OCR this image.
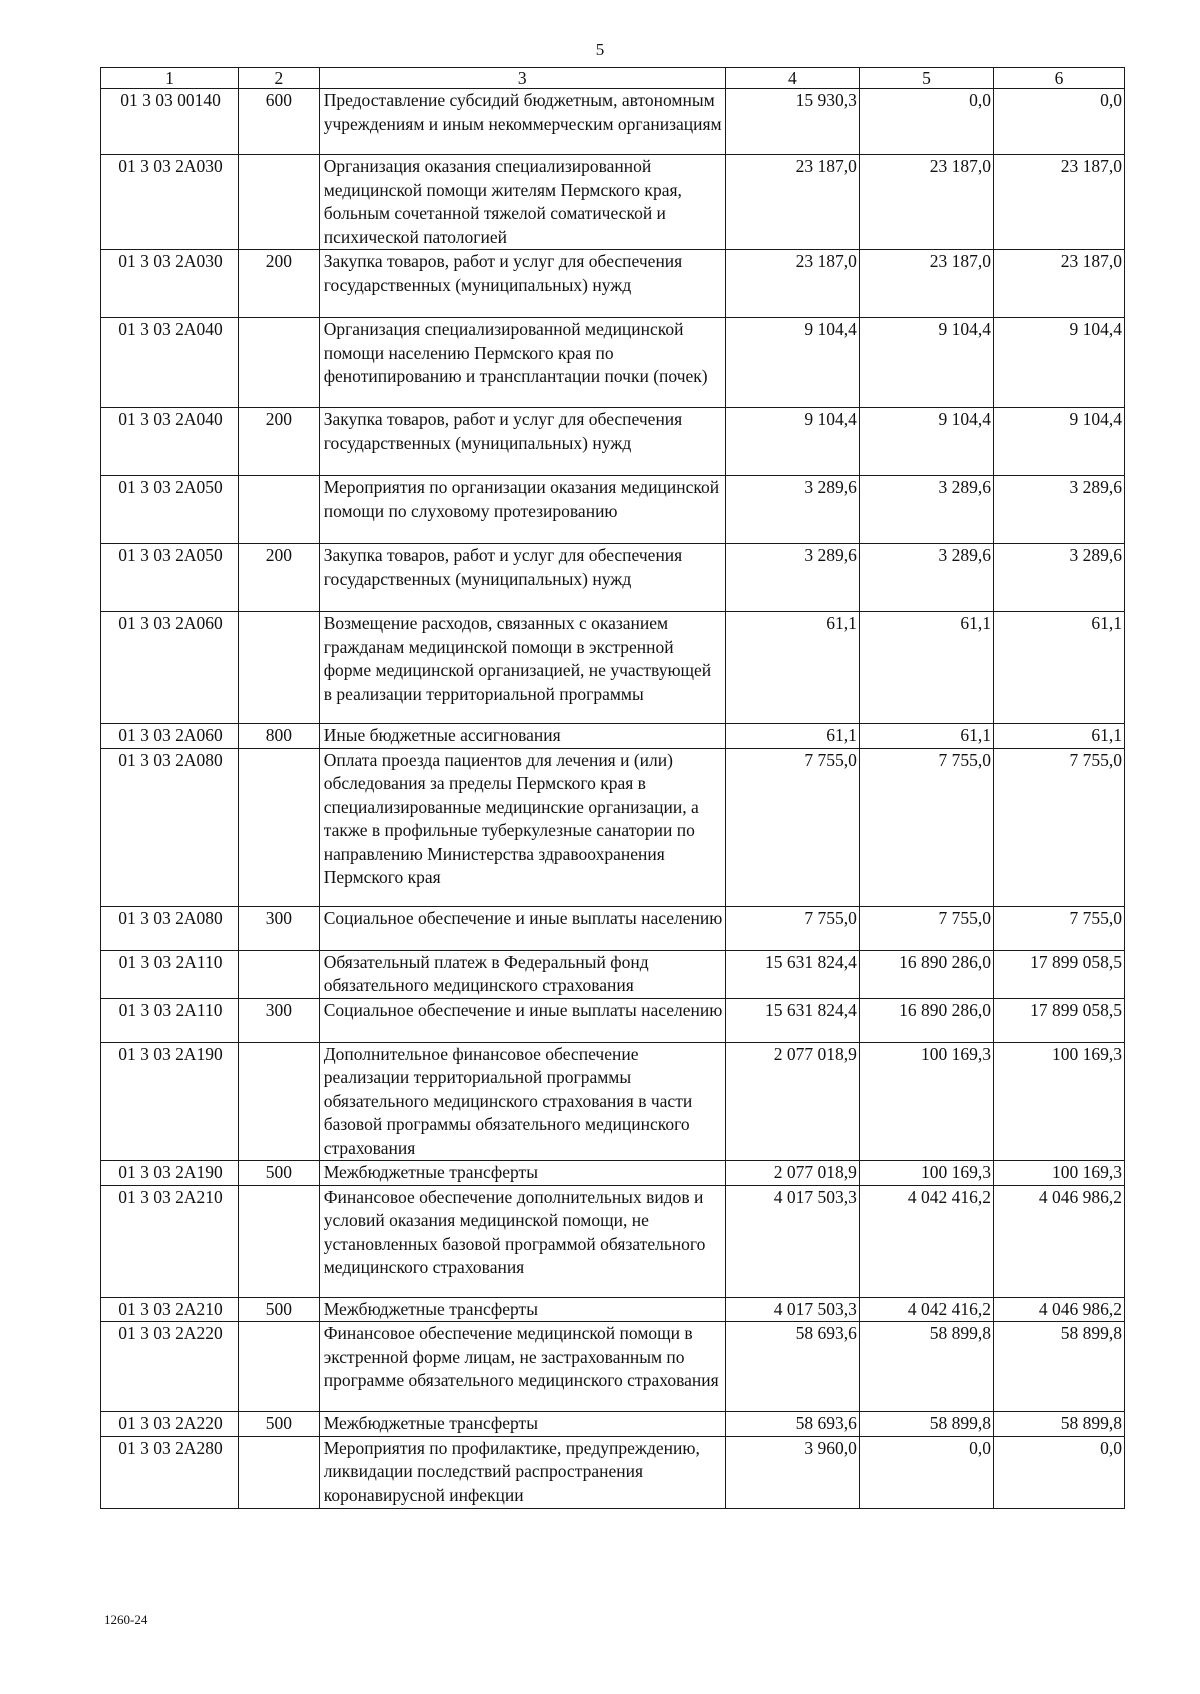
5
1	2	3	4	5	6
01 3 03 00140	600	Предоставление субсидий бюджетным, автономным учреждениям и иным некоммерческим организациям	15 930,3	0,0	0,0
01 3 03 2А030		Организация оказания специализированной медицинской помощи жителям Пермского края, больным сочетанной тяжелой соматической и психической патологией	23 187,0	23 187,0	23 187,0
01 3 03 2А030	200	Закупка товаров, работ и услуг для обеспечения государственных (муниципальных) нужд	23 187,0	23 187,0	23 187,0
01 3 03 2А040		Организация специализированной медицинской помощи населению Пермского края по фенотипированию и трансплантации почки (почек)	9 104,4	9 104,4	9 104,4
01 3 03 2А040	200	Закупка товаров, работ и услуг для обеспечения государственных (муниципальных) нужд	9 104,4	9 104,4	9 104,4
01 3 03 2А050		Мероприятия по организации оказания медицинской помощи по слуховому протезированию	3 289,6	3 289,6	3 289,6
01 3 03 2А050	200	Закупка товаров, работ и услуг для обеспечения государственных (муниципальных) нужд	3 289,6	3 289,6	3 289,6
01 3 03 2А060		Возмещение расходов, связанных с оказанием гражданам медицинской помощи в экстренной форме медицинской организацией, не участвующей в реализации территориальной программы	61,1	61,1	61,1
01 3 03 2А060	800	Иные бюджетные ассигнования	61,1	61,1	61,1
01 3 03 2А080		Оплата проезда пациентов для лечения и (или) обследования за пределы Пермского края в специализированные медицинские организации, а также в профильные туберкулезные санатории по направлению Министерства здравоохранения Пермского края	7 755,0	7 755,0	7 755,0
01 3 03 2А080	300	Социальное обеспечение и иные выплаты населению	7 755,0	7 755,0	7 755,0
01 3 03 2А110		Обязательный платеж в Федеральный фонд обязательного медицинского страхования	15 631 824,4	16 890 286,0	17 899 058,5
01 3 03 2А110	300	Социальное обеспечение и иные выплаты населению	15 631 824,4	16 890 286,0	17 899 058,5
01 3 03 2А190		Дополнительное финансовое обеспечение реализации территориальной программы обязательного медицинского страхования в части базовой программы обязательного медицинского страхования	2 077 018,9	100 169,3	100 169,3
01 3 03 2А190	500	Межбюджетные трансферты	2 077 018,9	100 169,3	100 169,3
01 3 03 2А210		Финансовое обеспечение дополнительных видов и условий оказания медицинской помощи, не установленных базовой программой обязательного медицинского страхования	4 017 503,3	4 042 416,2	4 046 986,2
01 3 03 2А210	500	Межбюджетные трансферты	4 017 503,3	4 042 416,2	4 046 986,2
01 3 03 2А220		Финансовое обеспечение медицинской помощи в экстренной форме лицам, не застрахованным по программе обязательного медицинского страхования	58 693,6	58 899,8	58 899,8
01 3 03 2А220	500	Межбюджетные трансферты	58 693,6	58 899,8	58 899,8
01 3 03 2А280		Мероприятия по профилактике, предупреждению, ликвидации последствий распространения коронавирусной инфекции	3 960,0	0,0	0,0
1260-24
